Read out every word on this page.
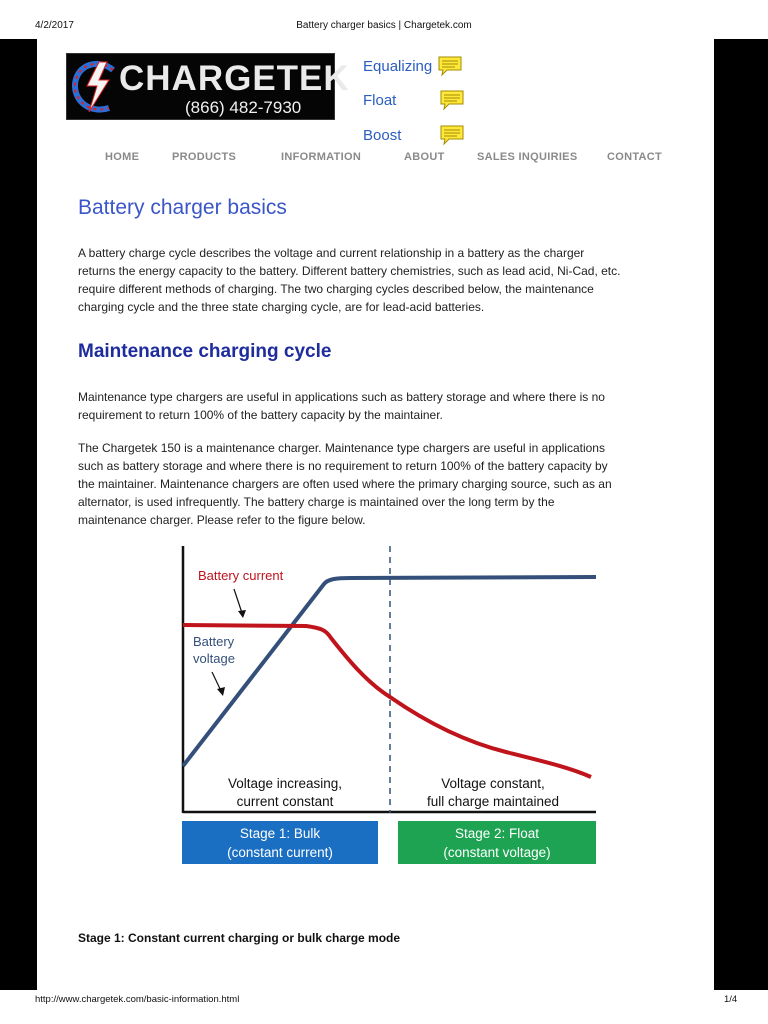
4/2/2017	Battery charger basics | Chargetek.com
CHARGETEK
(866) 482-7930
Equalizing
Float
Boost
HOME	PRODUCTS	INFORMATION	ABOUT	SALES INQUIRIES	CONTACT
Battery charger basics
A battery charge cycle describes the voltage and current relationship in a battery as the charger
returns the energy capacity to the battery. Different battery chemistries, such as lead acid, Ni-Cad, etc.
require different methods of charging. The two charging cycles described below, the maintenance
charging cycle and the three state charging cycle, are for lead-acid batteries.
Maintenance charging cycle
Maintenance type chargers are useful in applications such as battery storage and where there is no
requirement to return 100% of the battery capacity by the maintainer.
The Chargetek 150 is a maintenance charger. Maintenance type chargers are useful in applications
such as battery storage and where there is no requirement to return 100% of the battery capacity by
the maintainer. Maintenance chargers are often used where the primary charging source, such as an
alternator, is used infrequently. The battery charge is maintained over the long term by the
maintenance charger. Please refer to the figure below.
Battery current
Battery
voltage
Voltage increasing,
current constant
Voltage constant,
full charge maintained
Stage 1: Bulk
(constant current)
Stage 2: Float
(constant voltage)
Stage 1: Constant current charging or bulk charge mode
http://www.chargetek.com/basic-information.html	1/4
